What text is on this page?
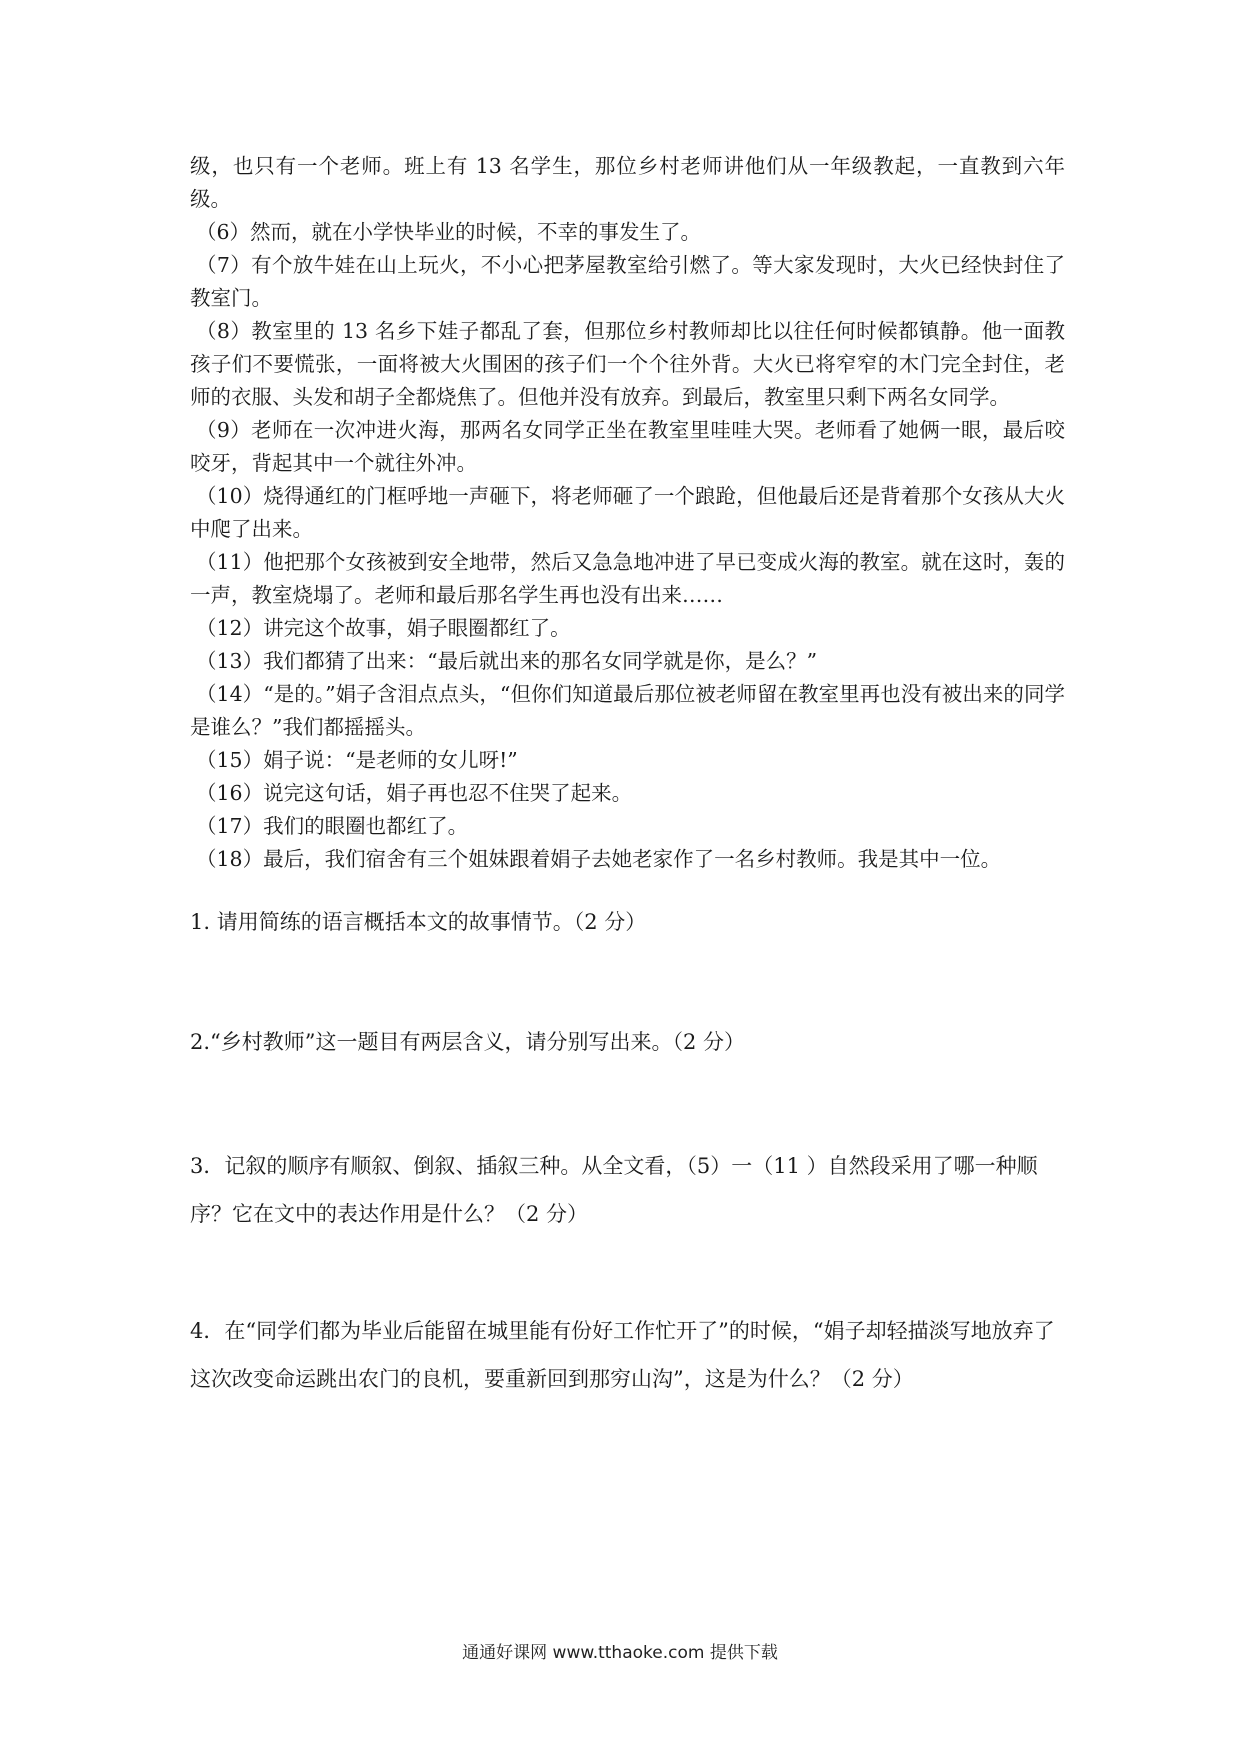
级，也只有一个老师。班上有 13 名学生，那位乡村老师讲他们从一年级教起，一直教到六年级。

（6）然而，就在小学快毕业的时候，不幸的事发生了。

（7）有个放牛娃在山上玩火，不小心把茅屋教室给引燃了。等大家发现时，大火已经快封住了教室门。

（8）教室里的 13 名乡下娃子都乱了套，但那位乡村教师却比以往任何时候都镇静。他一面教孩子们不要慌张，一面将被大火围困的孩子们一个个往外背。大火已将窄窄的木门完全封住，老师的衣服、头发和胡子全都烧焦了。但他并没有放弃。到最后，教室里只剩下两名女同学。

（9）老师在一次冲进火海，那两名女同学正坐在教室里哇哇大哭。老师看了她俩一眼，最后咬咬牙，背起其中一个就往外冲。

（10）烧得通红的门框呼地一声砸下，将老师砸了一个踉跄，但他最后还是背着那个女孩从大火中爬了出来。

（11）他把那个女孩被到安全地带，然后又急急地冲进了早已变成火海的教室。就在这时，轰的一声，教室烧塌了。老师和最后那名学生再也没有出来……

（12）讲完这个故事，娟子眼圈都红了。

（13）我们都猜了出来：“最后就出来的那名女同学就是你，是么？”

（14）“是的。”娟子含泪点点头，“但你们知道最后那位被老师留在教室里再也没有被出来的同学是谁么？”我们都摇摇头。

（15）娟子说：“是老师的女儿呀!”

（16）说完这句话，娟子再也忍不住哭了起来。

（17）我们的眼圈也都红了。

（18）最后，我们宿舍有三个姐妹跟着娟子去她老家作了一名乡村教师。我是其中一位。

1. 请用简练的语言概括本文的故事情节。（2 分）

2.“乡村教师”这一题目有两层含义，请分别写出来。（2 分）

3．记叙的顺序有顺叙、倒叙、插叙三种。从全文看，（5）一（11 ）自然段采用了哪一种顺序？它在文中的表达作用是什么？（2 分）

4．在“同学们都为毕业后能留在城里能有份好工作忙开了”的时候，“娟子却轻描淡写地放弃了这次改变命运跳出农门的良机，要重新回到那穷山沟”，这是为什么？（2 分）

通通好课网 www.tthaoke.com 提供下载
